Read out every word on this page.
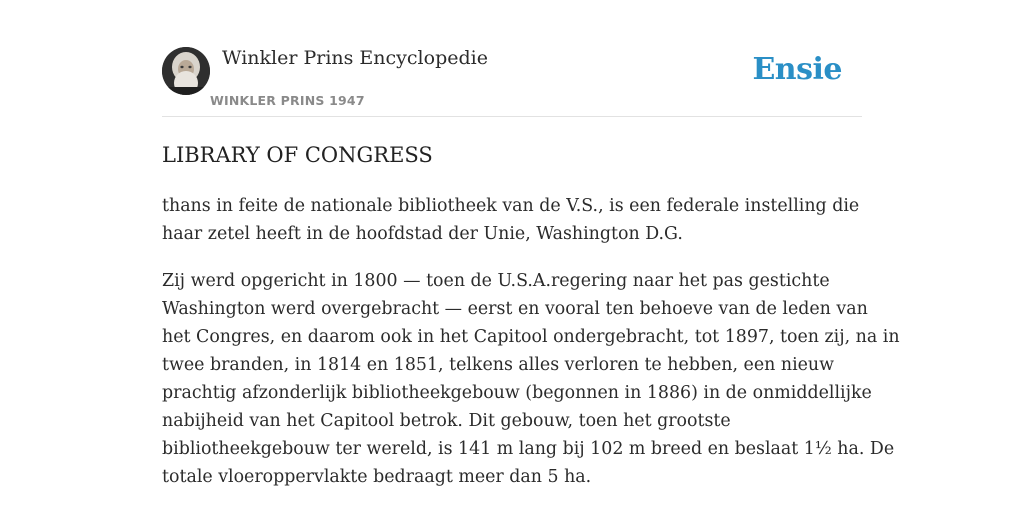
Winkler Prins Encyclopedie
WINKLER PRINS 1947
Ensie
LIBRARY OF CONGRESS

thans in feite de nationale bibliotheek van de V.S., is een federale instelling die
haar zetel heeft in de hoofdstad der Unie, Washington D.G.

Zij werd opgericht in 1800 — toen de U.S.A.regering naar het pas gestichte
Washington werd overgebracht — eerst en vooral ten behoeve van de leden van
het Congres, en daarom ook in het Capitool ondergebracht, tot 1897, toen zij, na in
twee branden, in 1814 en 1851, telkens alles verloren te hebben, een nieuw
prachtig afzonderlijk bibliotheekgebouw (begonnen in 1886) in de onmiddellijke
nabijheid van het Capitool betrok. Dit gebouw, toen het grootste
bibliotheekgebouw ter wereld, is 141 m lang bij 102 m breed en beslaat 1½ ha. De
totale vloeroppervlakte bedraagt meer dan 5 ha.
